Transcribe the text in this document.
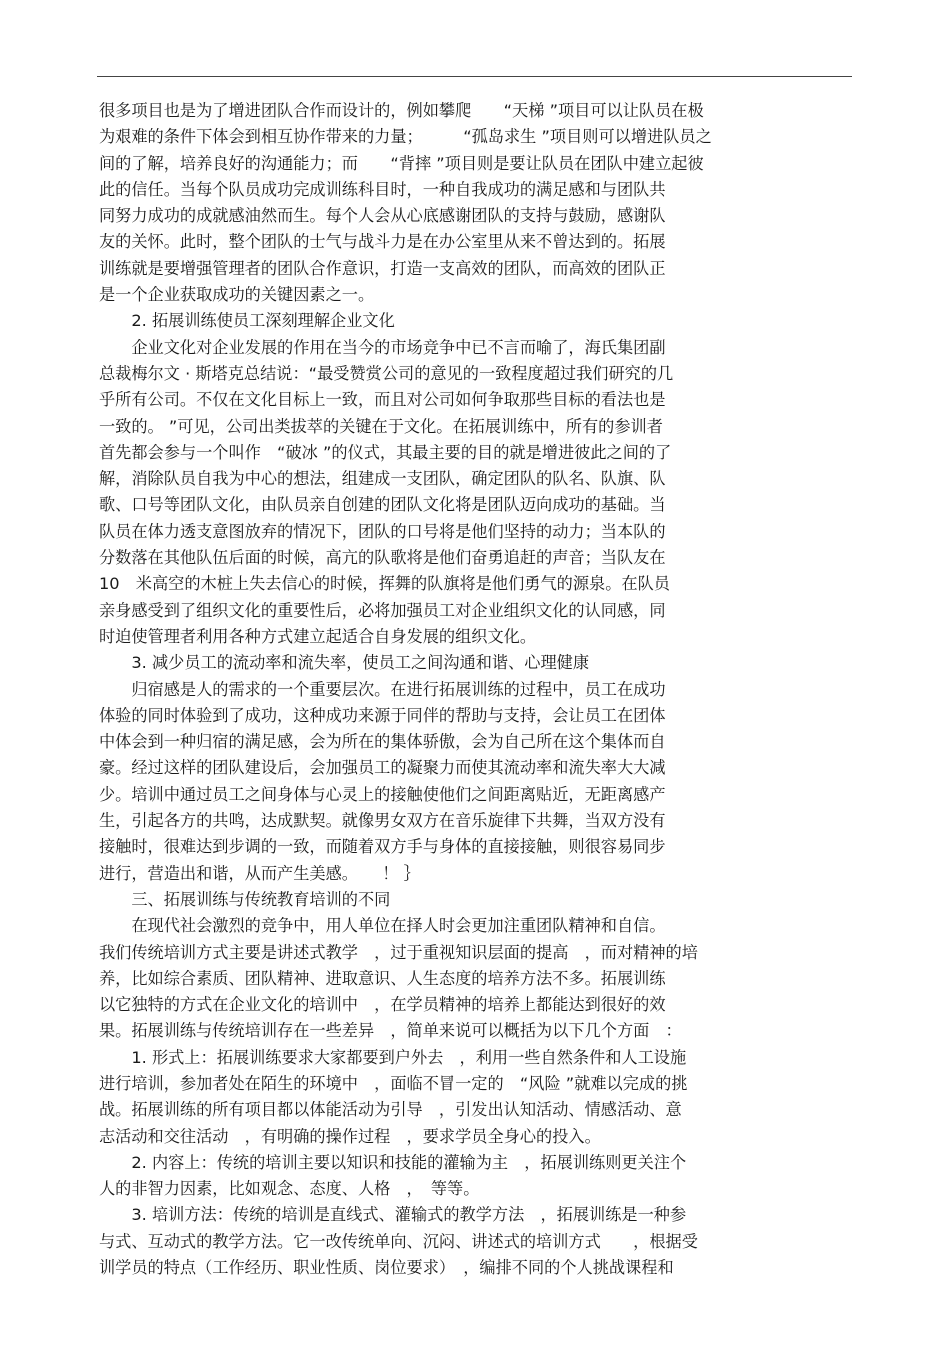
很多项目也是为了增进团队合作而设计的，例如攀爬　　“天梯 ”项目可以让队员在极
为艰难的条件下体会到相互协作带来的力量；　　　“孤岛求生 ”项目则可以增进队员之
间的了解，培养良好的沟通能力；而　　“背摔 ”项目则是要让队员在团队中建立起彼
此的信任。当每个队员成功完成训练科目时，一种自我成功的满足感和与团队共
同努力成功的成就感油然而生。每个人会从心底感谢团队的支持与鼓励，感谢队
友的关怀。此时，整个团队的士气与战斗力是在办公室里从来不曾达到的。拓展
训练就是要增强管理者的团队合作意识，打造一支高效的团队，而高效的团队正
是一个企业获取成功的关键因素之一。
　　2. 拓展训练使员工深刻理解企业文化
　　企业文化对企业发展的作用在当今的市场竞争中已不言而喻了，海氏集团副
总裁梅尔文 · 斯塔克总结说：“最受赞赏公司的意见的一致程度超过我们研究的几
乎所有公司。不仅在文化目标上一致，而且对公司如何争取那些目标的看法也是
一致的。 ”可见，公司出类拔萃的关键在于文化。在拓展训练中，所有的参训者
首先都会参与一个叫作　“破冰 ”的仪式，其最主要的目的就是增进彼此之间的了
解，消除队员自我为中心的想法，组建成一支团队，确定团队的队名、队旗、队
歌、口号等团队文化，由队员亲自创建的团队文化将是团队迈向成功的基础。当
队员在体力透支意图放弃的情况下，团队的口号将是他们坚持的动力；当本队的
分数落在其他队伍后面的时候，高亢的队歌将是他们奋勇追赶的声音；当队友在
10　米高空的木桩上失去信心的时候，挥舞的队旗将是他们勇气的源泉。在队员
亲身感受到了组织文化的重要性后，必将加强员工对企业组织文化的认同感，同
时迫使管理者利用各种方式建立起适合自身发展的组织文化。
　　3. 减少员工的流动率和流失率，使员工之间沟通和谐、心理健康
　　归宿感是人的需求的一个重要层次。在进行拓展训练的过程中，员工在成功
体验的同时体验到了成功，这种成功来源于同伴的帮助与支持，会让员工在团体
中体会到一种归宿的满足感，会为所在的集体骄傲，会为自己所在这个集体而自
豪。经过这样的团队建设后，会加强员工的凝聚力而使其流动率和流失率大大减
少。培训中通过员工之间身体与心灵上的接触使他们之间距离贴近，无距离感产
生，引起各方的共鸣，达成默契。就像男女双方在音乐旋律下共舞，当双方没有
接触时，很难达到步调的一致，而随着双方手与身体的直接接触，则很容易同步
进行，营造出和谐，从而产生美感。　　！ ｝
　　三、拓展训练与传统教育培训的不同
　　在现代社会激烈的竞争中，用人单位在择人时会更加注重团队精神和自信。
我们传统培训方式主要是讲述式教学　，过于重视知识层面的提高　，而对精神的培
养，比如综合素质、团队精神、进取意识、人生态度的培养方法不多。拓展训练
以它独特的方式在企业文化的培训中　，在学员精神的培养上都能达到很好的效
果。拓展训练与传统培训存在一些差异　，简单来说可以概括为以下几个方面　：
　　1. 形式上：拓展训练要求大家都要到户外去　，利用一些自然条件和人工设施
进行培训，参加者处在陌生的环境中　，面临不冒一定的　“风险 ”就难以完成的挑
战。拓展训练的所有项目都以体能活动为引导　，引发出认知活动、情感活动、意
志活动和交往活动　，有明确的操作过程　，要求学员全身心的投入。
　　2. 内容上：传统的培训主要以知识和技能的灌输为主　，拓展训练则更关注个
人的非智力因素，比如观念、态度、人格　，　等等。
　　3. 培训方法：传统的培训是直线式、灌输式的教学方法　，拓展训练是一种参
与式、互动式的教学方法。它一改传统单向、沉闷、讲述式的培训方式　　，根据受
训学员的特点（工作经历、职业性质、岗位要求）　，编排不同的个人挑战课程和
